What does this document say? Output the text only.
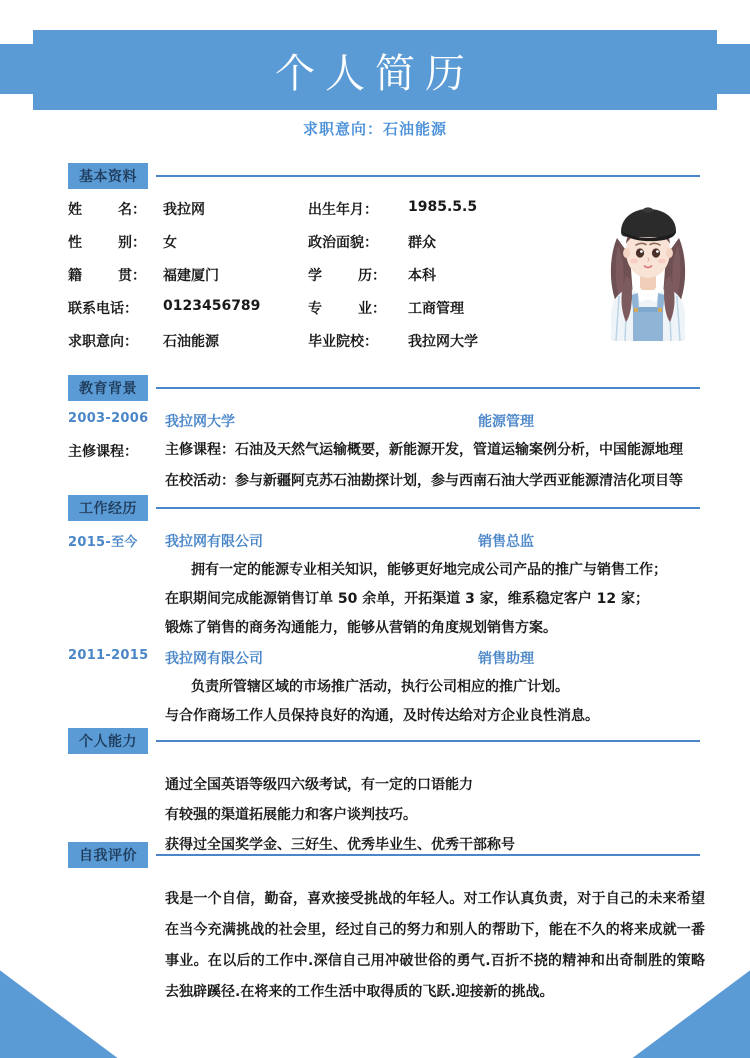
个人简历
求职意向：石油能源
基本资料
姓	名： 我拉网	出生年月：	1985.5.5
性	别： 女	政治面貌：	群众
籍	贯： 福建厦门	学	历： 本科
联系电话：	0123456789	专	业： 工商管理
求职意向：	石油能源	毕业院校：	我拉网大学
教育背景
2003-2006 我拉网大学	能源管理
主修课程： 主修课程：石油及天然气运输概要，新能源开发，管道运输案例分析，中国能源地理
在校活动：参与新疆阿克苏石油勘探计划，参与西南石油大学西亚能源清洁化项目等
工作经历
2015-至今 我拉网有限公司	销售总监
拥有一定的能源专业相关知识，能够更好地完成公司产品的推广与销售工作；
在职期间完成能源销售订单 50 余单，开拓渠道 3 家，维系稳定客户 12 家；
锻炼了销售的商务沟通能力，能够从营销的角度规划销售方案。
2011-2015 我拉网有限公司	销售助理
负责所管辖区域的市场推广活动，执行公司相应的推广计划。
与合作商场工作人员保持良好的沟通，及时传达给对方企业良性消息。
个人能力
通过全国英语等级四六级考试，有一定的口语能力
有较强的渠道拓展能力和客户谈判技巧。
获得过全国奖学金、三好生、优秀毕业生、优秀干部称号
自我评价
我是一个自信，勤奋，喜欢接受挑战的年轻人。对工作认真负责，对于自己的未来希望在当今充满挑战的社会里，经过自己的努力和别人的帮助下，能在不久的将来成就一番事业。在以后的工作中.深信自己用冲破世俗的勇气.百折不挠的精神和出奇制胜的策略去独辟蹊径.在将来的工作生活中取得质的飞跃.迎接新的挑战。
